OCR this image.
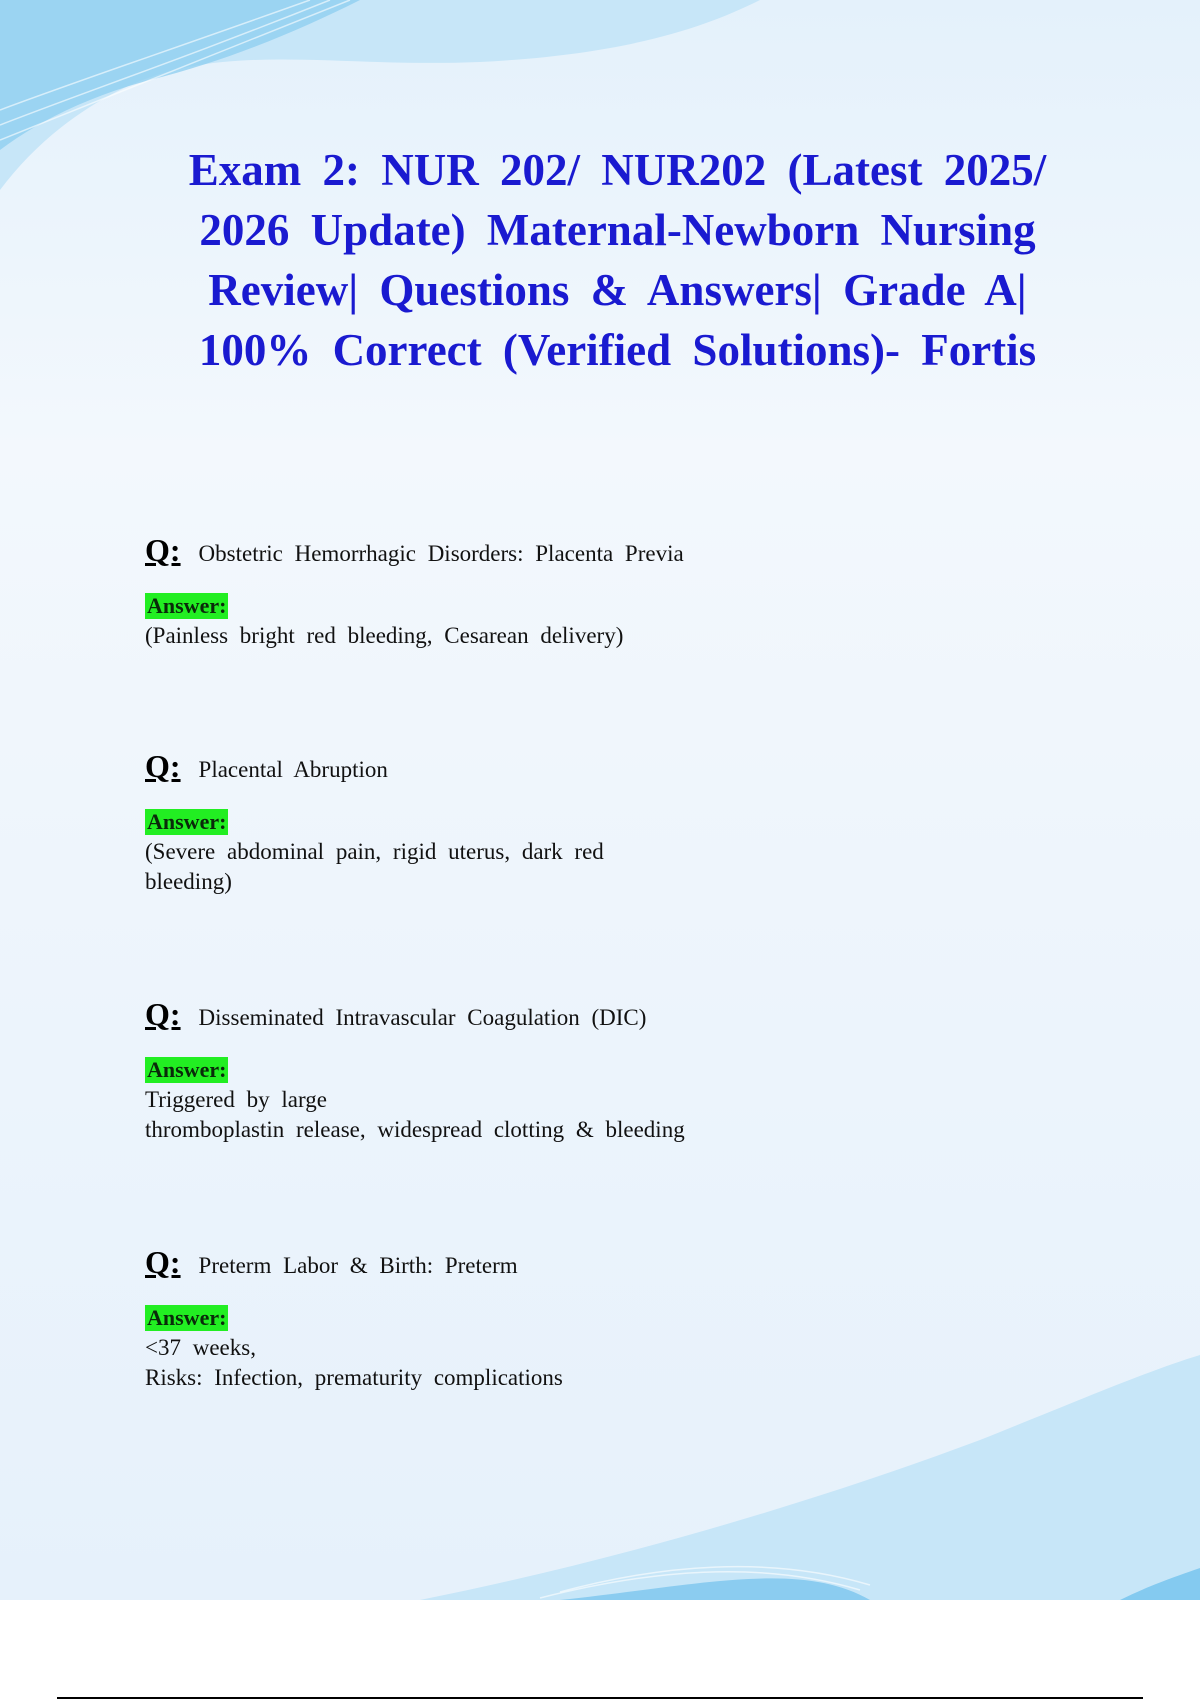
Exam 2: NUR 202/ NUR202 (Latest 2025/ 2026 Update) Maternal-Newborn Nursing Review| Questions & Answers| Grade A| 100% Correct (Verified Solutions)- Fortis
Q: Obstetric Hemorrhagic Disorders: Placenta Previa
Answer:
(Painless bright red bleeding, Cesarean delivery)
Q: Placental Abruption
Answer:
(Severe abdominal pain, rigid uterus, dark red
bleeding)
Q: Disseminated Intravascular Coagulation (DIC)
Answer:
Triggered by large
thromboplastin release, widespread clotting & bleeding
Q: Preterm Labor & Birth: Preterm
Answer:
<37 weeks,
Risks: Infection, prematurity complications
